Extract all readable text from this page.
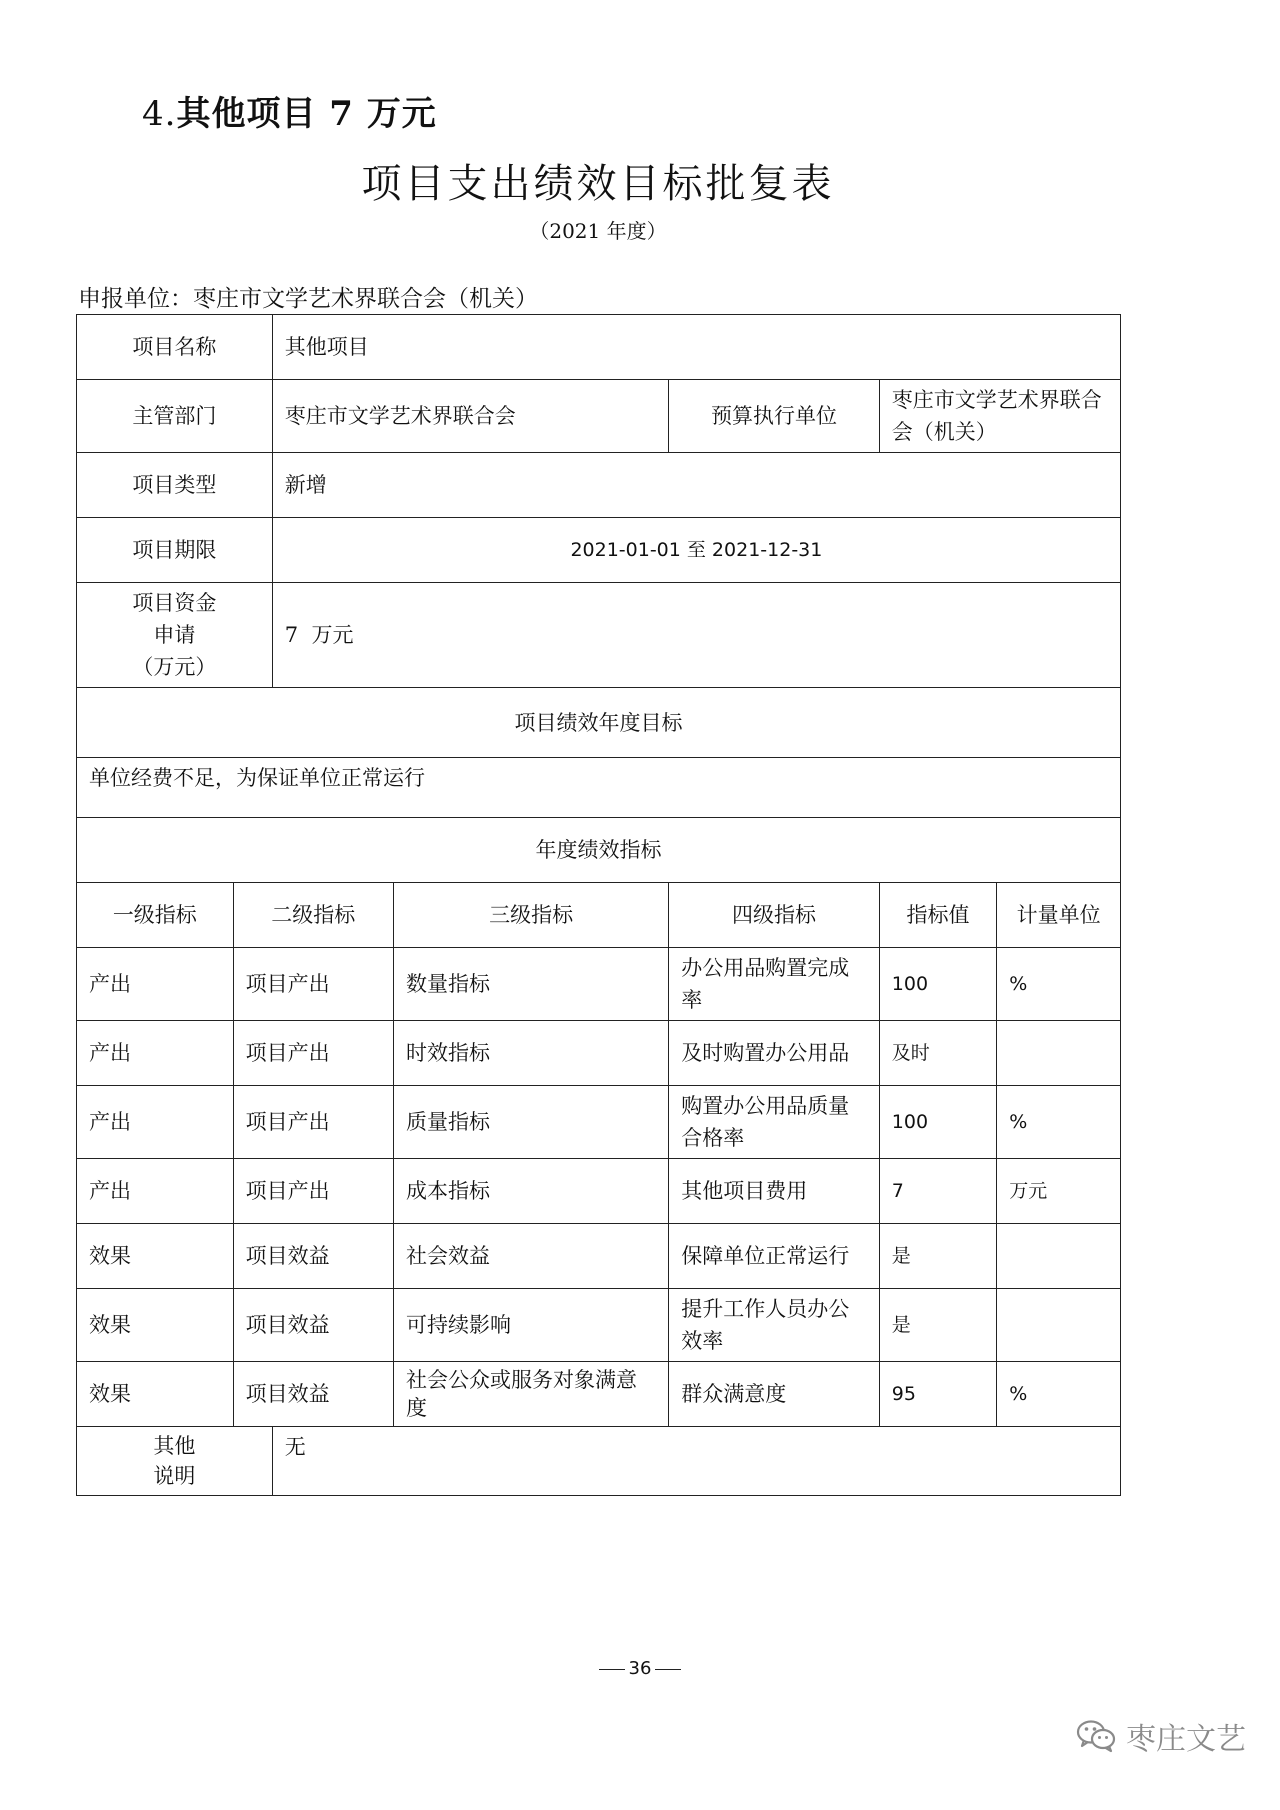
4.其他项目 7 万元
项目支出绩效目标批复表
（2021 年度）
申报单位：枣庄市文学艺术界联合会（机关）
项目名称		其他项目				
主管部门		枣庄市文学艺术界联合会		预算执行单位	枣庄市文学艺术界联合会（机关）	
项目类型		新增				
项目期限		2021-01-01 至 2021-12-31				

项目资金
申请
（万元）		7  万元				
项目绩效年度目标						
单位经费不足，为保证单位正常运行						
年度绩效指标						
一级指标	二级指标		三级指标	四级指标	指标值	计量单位
产出	项目产出		数量指标	办公用品购置完成率	100	%
产出	项目产出		时效指标	及时购置办公用品	及时	
产出	项目产出		质量指标	购置办公用品质量合格率	100	%
产出	项目产出		成本指标	其他项目费用	7	万元
效果	项目效益		社会效益	保障单位正常运行	是	
效果	项目效益		可持续影响	提升工作人员办公效率	是	
效果	项目效益		社会公众或服务对象满意度	群众满意度	95	%

其他
说明		无				
36
枣庄文艺
